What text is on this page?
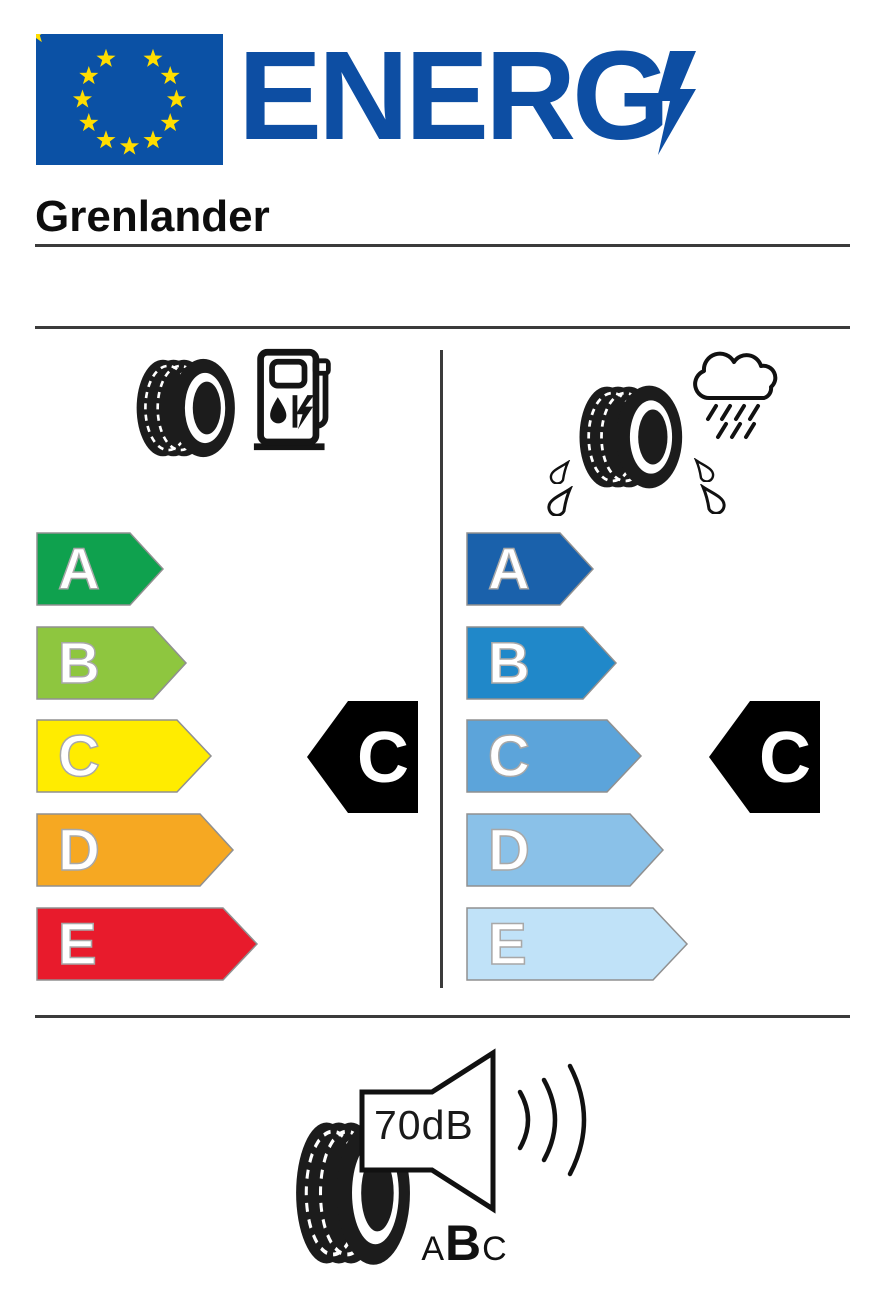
ENERG
Grenlander
A
B
C
D
E
C
A
B
C
D
E
C
70dB
A B C
